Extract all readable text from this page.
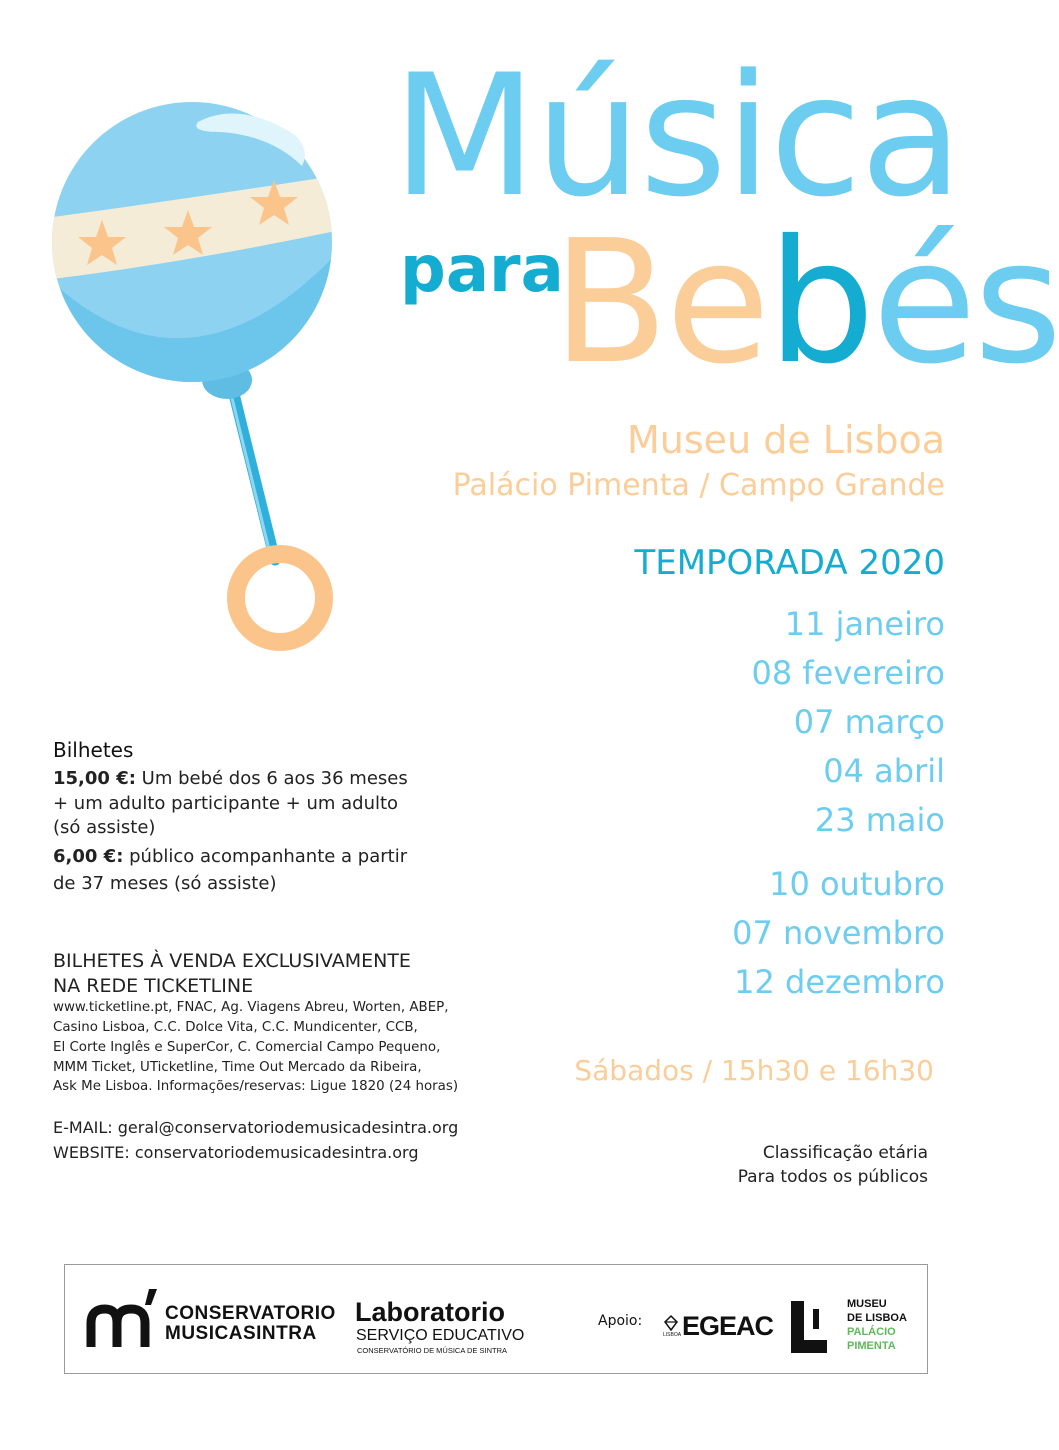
Música
para
Bebés
Museu de Lisboa
Palácio Pimenta / Campo Grande
TEMPORADA 2020
11 janeiro
08 fevereiro
07 março
04 abril
23 maio
10 outubro
07 novembro
12 dezembro
Sábados / 15h30 e 16h30
Classificação etária
Para todos os públicos
Bilhetes
15,00 €: Um bebé dos 6 aos 36 meses
+ um adulto participante + um adulto
(só assiste)
6,00 €: público acompanhante a partir
de 37 meses (só assiste)
BILHETES À VENDA EXCLUSIVAMENTE
NA REDE TICKETLINE
www.ticketline.pt, FNAC, Ag. Viagens Abreu, Worten, ABEP,
Casino Lisboa, C.C. Dolce Vita, C.C. Mundicenter, CCB,
El Corte Inglês e SuperCor, C. Comercial Campo Pequeno,
MMM Ticket, UTicketline, Time Out Mercado da Ribeira,
Ask Me Lisboa. Informações/reservas: Ligue 1820 (24 horas)
E-MAIL: geral@conservatoriodemusicadesintra.org
WEBSITE: conservatoriodemusicadesintra.org
CONSERVATORIO
MUSICASINTRA
Laboratorio
SERVIÇO EDUCATIVO
CONSERVATÓRIO DE MÚSICA DE SINTRA
Apoio:
LISBOA EGEAC
MUSEU
DE LISBOA
PALÁCIO
PIMENTA
